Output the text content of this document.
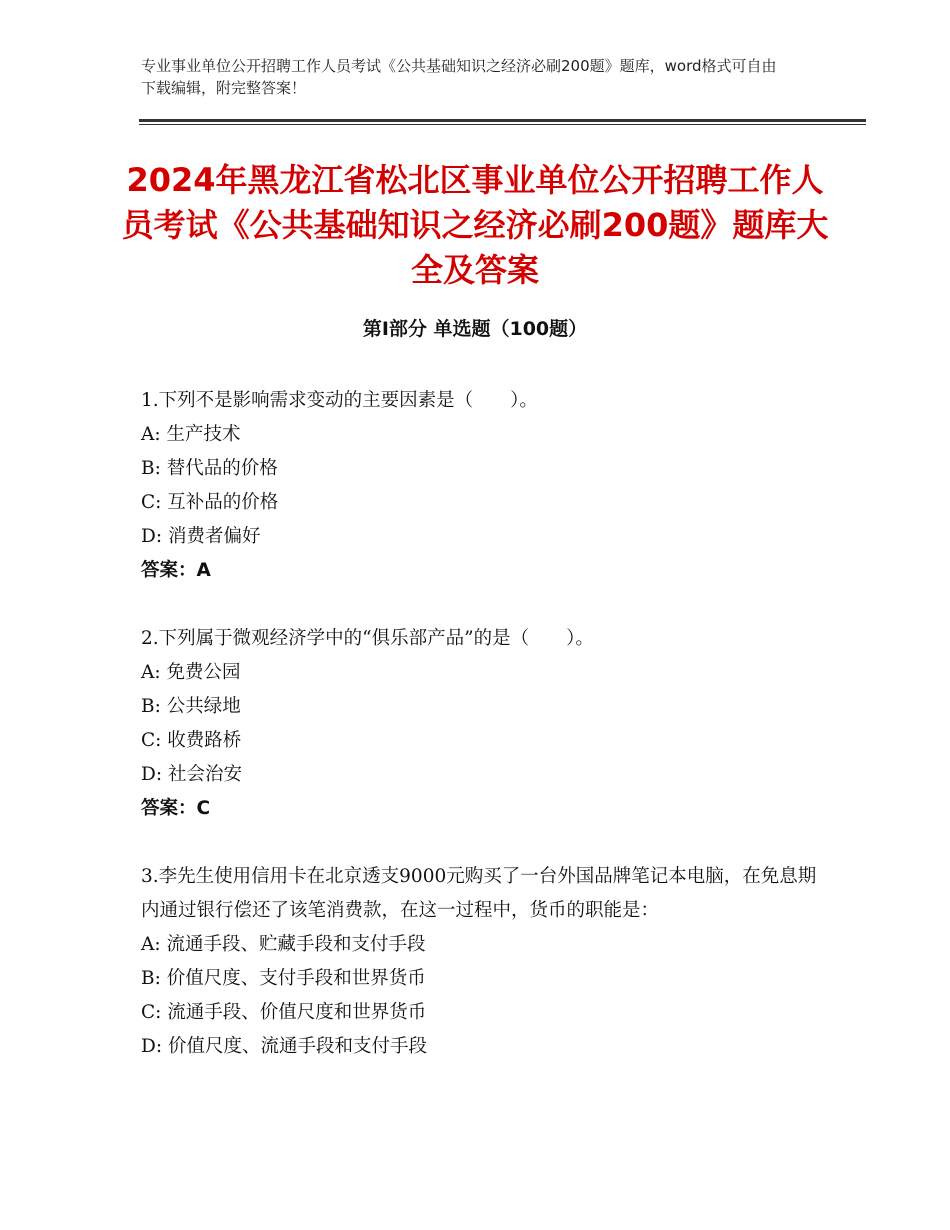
专业事业单位公开招聘工作人员考试《公共基础知识之经济必刷200题》题库，word格式可自由下载编辑，附完整答案！
2024年黑龙江省松北区事业单位公开招聘工作人员考试《公共基础知识之经济必刷200题》题库大全及答案
第Ⅰ部分 单选题（100题）
1.下列不是影响需求变动的主要因素是（　　）。
A: 生产技术
B: 替代品的价格
C: 互补品的价格
D: 消费者偏好
答案：A
2.下列属于微观经济学中的“俱乐部产品”的是（　　）。
A: 免费公园
B: 公共绿地
C: 收费路桥
D: 社会治安
答案：C
3.李先生使用信用卡在北京透支9000元购买了一台外国品牌笔记本电脑，在免息期内通过银行偿还了该笔消费款，在这一过程中，货币的职能是：
A: 流通手段、贮藏手段和支付手段
B: 价值尺度、支付手段和世界货币
C: 流通手段、价值尺度和世界货币
D: 价值尺度、流通手段和支付手段
